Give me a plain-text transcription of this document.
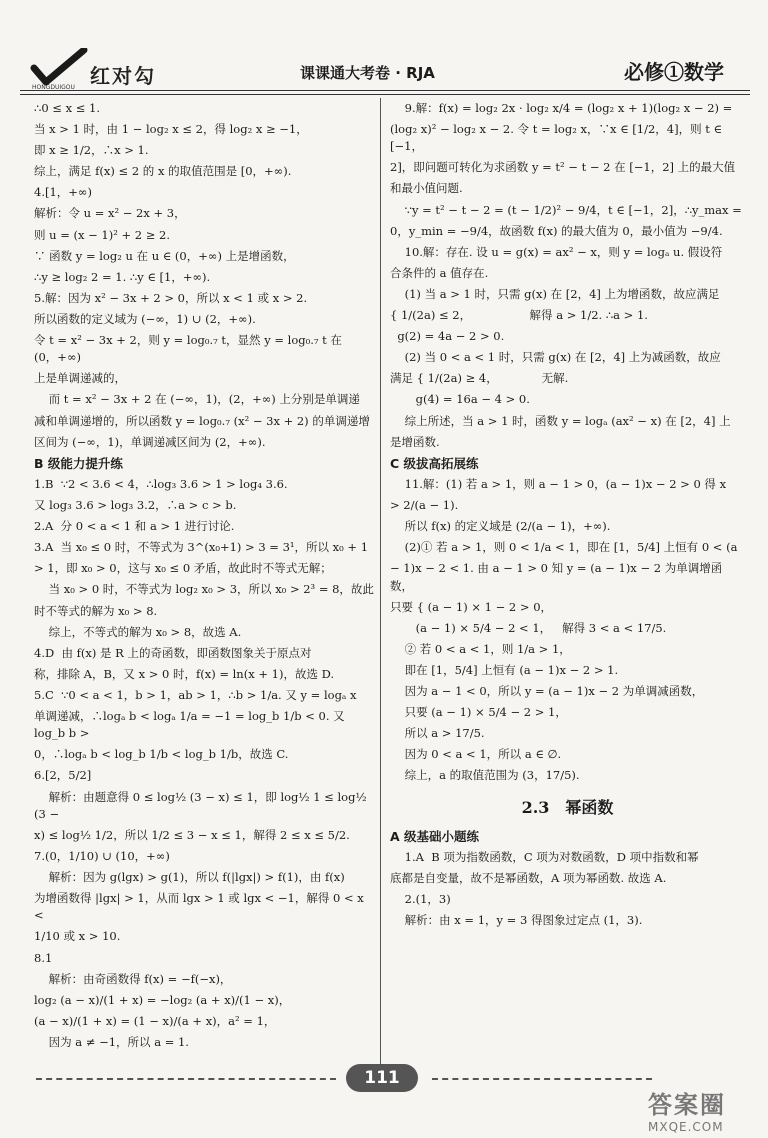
红对勾
HONGDUIGOU
课课通大考卷 · RJA	必修①数学

∴0 ≤ x ≤ 1.

当 x > 1 时，由 1 − log₂ x ≤ 2，得 log₂ x ≥ −1，

即 x ≥ 1/2，∴x > 1.

综上，满足 f(x) ≤ 2 的 x 的取值范围是 [0，+∞).

4.[1，+∞)

解析：令 u = x² − 2x + 3，

则 u = (x − 1)² + 2 ≥ 2.

∵ 函数 y = log₂ u 在 u ∈ (0，+∞) 上是增函数，

∴y ≥ log₂ 2 = 1. ∴y ∈ [1，+∞).

5.解：因为 x² − 3x + 2 > 0，所以 x < 1 或 x > 2.

所以函数的定义域为 (−∞，1) ∪ (2，+∞).

令 t = x² − 3x + 2，则 y = log₀.₇ t，显然 y = log₀.₇ t 在 (0，+∞)

上是单调递减的，

而 t = x² − 3x + 2 在 (−∞，1)，(2，+∞) 上分别是单调递

减和单调递增的，所以函数 y = log₀.₇ (x² − 3x + 2) 的单调递增

区间为 (−∞，1)，单调递减区间为 (2，+∞).

B 级能力提升练

1.B  ∵2 < 3.6 < 4，∴log₃ 3.6 > 1 > log₄ 3.6.

又 log₃ 3.6 > log₃ 3.2，∴a > c > b.

2.A  分 0 < a < 1 和 a > 1 进行讨论.

3.A  当 x₀ ≤ 0 时，不等式为 3^(x₀+1) > 3 = 3¹，所以 x₀ + 1

> 1，即 x₀ > 0，这与 x₀ ≤ 0 矛盾，故此时不等式无解；

当 x₀ > 0 时，不等式为 log₂ x₀ > 3，所以 x₀ > 2³ = 8，故此

时不等式的解为 x₀ > 8.

综上，不等式的解为 x₀ > 8，故选 A.

4.D  由 f(x) 是 R 上的奇函数，即函数图象关于原点对

称，排除 A，B，又 x > 0 时，f(x) = ln(x + 1)，故选 D.

5.C  ∵0 < a < 1，b > 1，ab > 1，∴b > 1/a. 又 y = logₐ x

单调递减，∴logₐ b < logₐ 1/a = −1 = log_b 1/b < 0. 又 log_b b >

0，∴logₐ b < log_b 1/b < log_b 1/b，故选 C.

6.[2，5/2]

解析：由题意得 0 ≤ log½ (3 − x) ≤ 1，即 log½ 1 ≤ log½ (3 −

x) ≤ log½ 1/2，所以 1/2 ≤ 3 − x ≤ 1，解得 2 ≤ x ≤ 5/2.

7.(0，1/10) ∪ (10，+∞)

解析：因为 g(lgx) > g(1)，所以 f(|lgx|) > f(1)，由 f(x)

为增函数得 |lgx| > 1，从而 lgx > 1 或 lgx < −1，解得 0 < x <

1/10 或 x > 10.

8.1

解析：由奇函数得 f(x) = −f(−x)，

log₂ (a − x)/(1 + x) = −log₂ (a + x)/(1 − x)，

(a − x)/(1 + x) = (1 − x)/(a + x)，a² = 1，

因为 a ≠ −1，所以 a = 1.

9.解：f(x) = log₂ 2x · log₂ x/4 = (log₂ x + 1)(log₂ x − 2) =

(log₂ x)² − log₂ x − 2. 令 t = log₂ x，∵x ∈ [1/2，4]，则 t ∈ [−1，

2]，即问题可转化为求函数 y = t² − t − 2 在 [−1，2] 上的最大值

和最小值问题.

∵y = t² − t − 2 = (t − 1/2)² − 9/4，t ∈ [−1，2]，∴y_max =

0，y_min = −9/4，故函数 f(x) 的最大值为 0，最小值为 −9/4.

10.解：存在. 设 u = g(x) = ax² − x，则 y = logₐ u. 假设符

合条件的 a 值存在.

(1) 当 a > 1 时，只需 g(x) 在 [2，4] 上为增函数，故应满足

{ 1/(2a) ≤ 2，                解得 a > 1/2. ∴a > 1.

g(2) = 4a − 2 > 0.

(2) 当 0 < a < 1 时，只需 g(x) 在 [2，4] 上为减函数，故应

满足 { 1/(2a) ≥ 4，            无解.

g(4) = 16a − 4 > 0.

综上所述，当 a > 1 时，函数 y = logₐ (ax² − x) 在 [2，4] 上

是增函数.

C 级拔高拓展练

11.解：(1) 若 a > 1，则 a − 1 > 0，(a − 1)x − 2 > 0 得 x

> 2/(a − 1).

所以 f(x) 的定义域是 (2/(a − 1)，+∞).

(2)① 若 a > 1，则 0 < 1/a < 1，即在 [1，5/4] 上恒有 0 < (a

− 1)x − 2 < 1. 由 a − 1 > 0 知 y = (a − 1)x − 2 为单调增函数，

只要 { (a − 1) × 1 − 2 > 0，

(a − 1) × 5/4 − 2 < 1，   解得 3 < a < 17/5.

② 若 0 < a < 1，则 1/a > 1，

即在 [1，5/4] 上恒有 (a − 1)x − 2 > 1.

因为 a − 1 < 0，所以 y = (a − 1)x − 2 为单调减函数，

只要 (a − 1) × 5/4 − 2 > 1，

所以 a > 17/5.

因为 0 < a < 1，所以 a ∈ ∅.

综上，a 的取值范围为 (3，17/5).

2.3　幂函数
A 级基础小题练

1.A  B 项为指数函数，C 项为对数函数，D 项中指数和幂

底都是自变量，故不是幂函数，A 项为幂函数. 故选 A.

2.(1，3)

解析：由 x = 1，y = 3 得图象过定点 (1，3).

111
答案圈
MXQE.COM
